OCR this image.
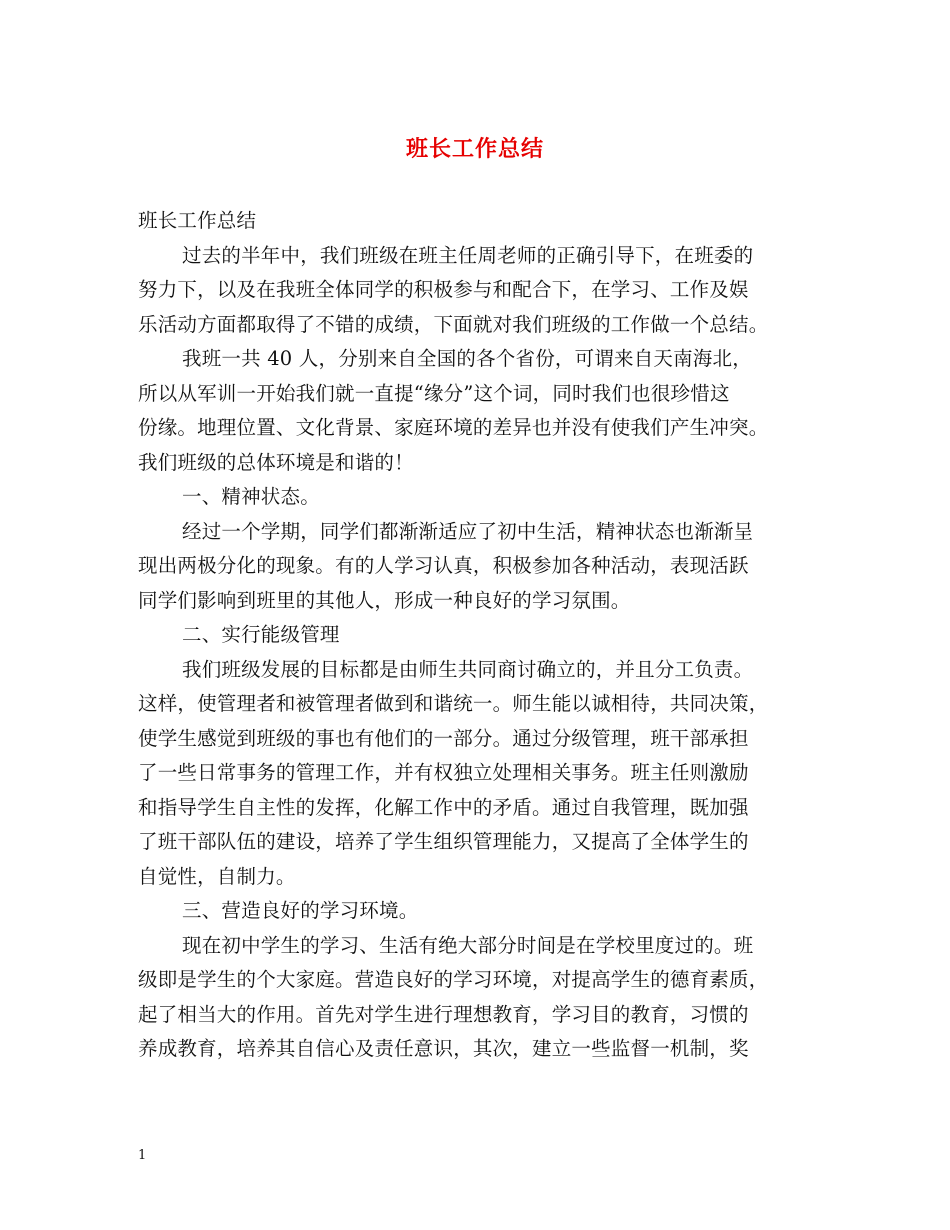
班长工作总结
班长工作总结
过去的半年中，我们班级在班主任周老师的正确引导下，在班委的
努力下，以及在我班全体同学的积极参与和配合下，在学习、工作及娱
乐活动方面都取得了不错的成绩，下面就对我们班级的工作做一个总结。
我班一共 40 人，分别来自全国的各个省份，可谓来自天南海北，
所以从军训一开始我们就一直提“缘分”这个词，同时我们也很珍惜这
份缘。地理位置、文化背景、家庭环境的差异也并没有使我们产生冲突。
我们班级的总体环境是和谐的！
一、精神状态。
经过一个学期，同学们都渐渐适应了初中生活，精神状态也渐渐呈
现出两极分化的现象。有的人学习认真，积极参加各种活动，表现活跃
同学们影响到班里的其他人，形成一种良好的学习氛围。
二、实行能级管理
我们班级发展的目标都是由师生共同商讨确立的，并且分工负责。
这样，使管理者和被管理者做到和谐统一。师生能以诚相待，共同决策，
使学生感觉到班级的事也有他们的一部分。通过分级管理，班干部承担
了一些日常事务的管理工作，并有权独立处理相关事务。班主任则激励
和指导学生自主性的发挥，化解工作中的矛盾。通过自我管理，既加强
了班干部队伍的建设，培养了学生组织管理能力，又提高了全体学生的
自觉性，自制力。
三、营造良好的学习环境。
现在初中学生的学习、生活有绝大部分时间是在学校里度过的。班
级即是学生的个大家庭。营造良好的学习环境，对提高学生的德育素质，
起了相当大的作用。首先对学生进行理想教育，学习目的教育，习惯的
养成教育，培养其自信心及责任意识，其次，建立一些监督一机制，奖
1
